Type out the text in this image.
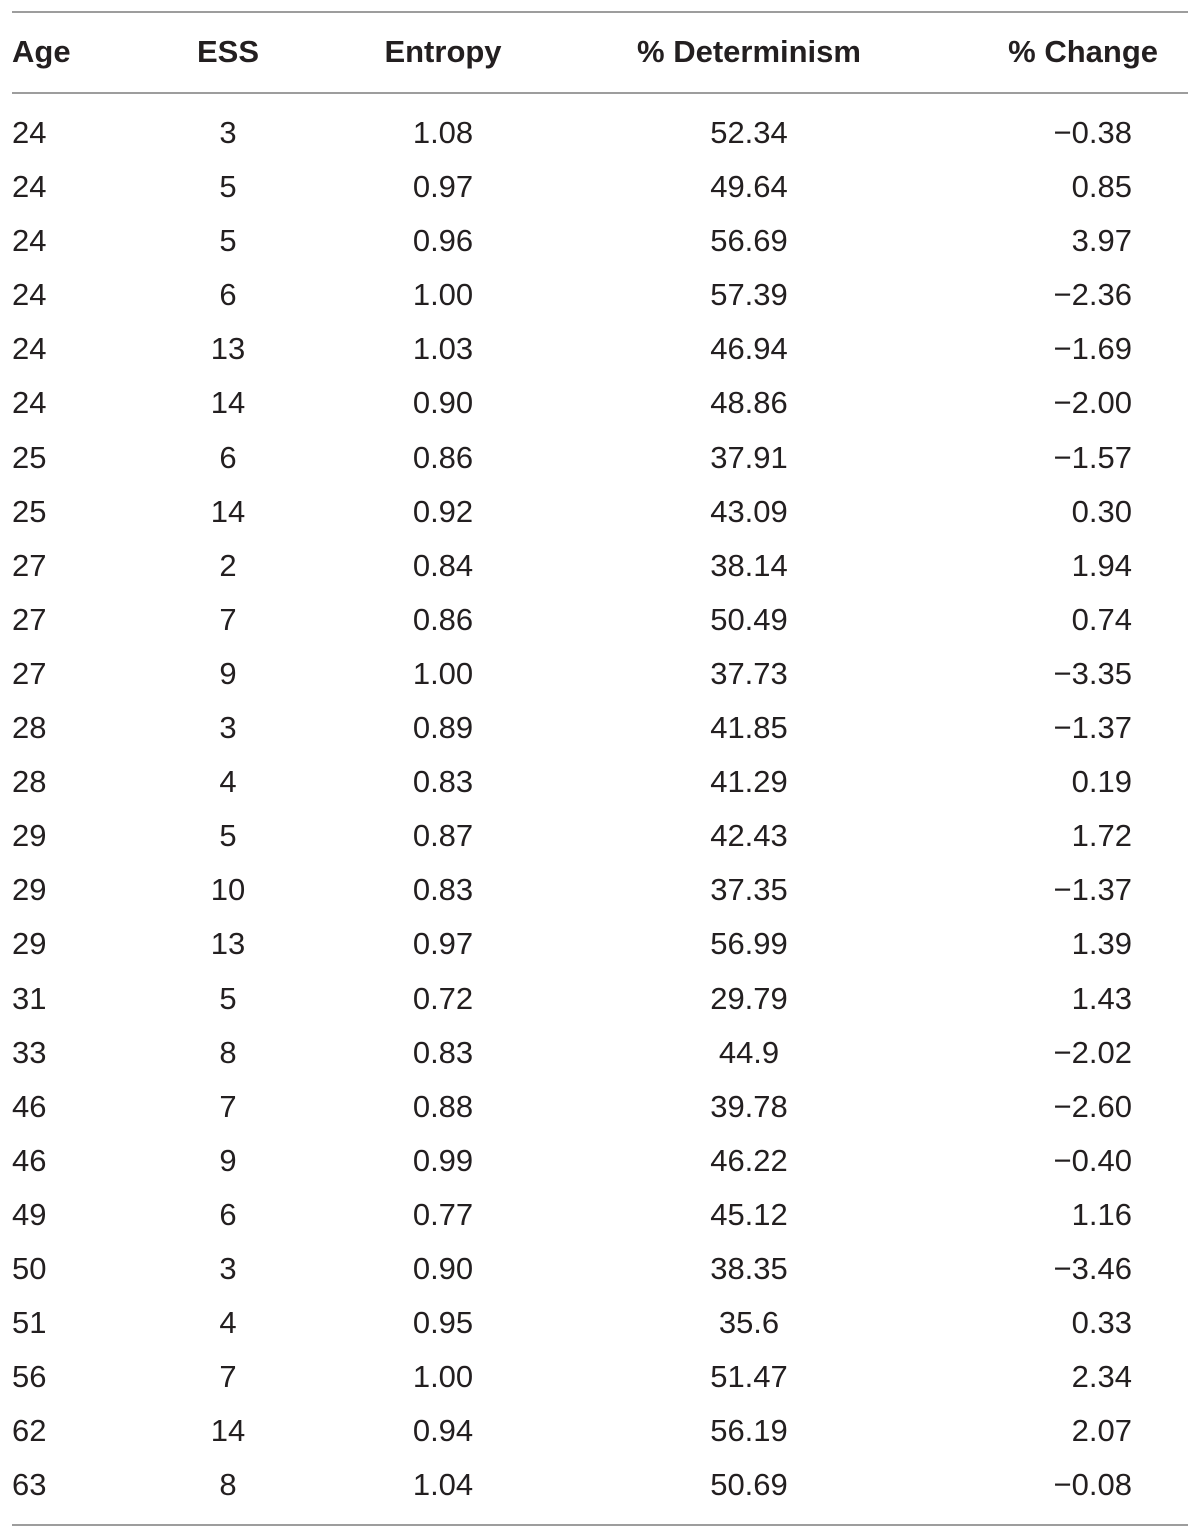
Age	ESS	Entropy	% Determinism	% Change
24	3	1.08	52.34	−0.38
24	5	0.97	49.64	0.85
24	5	0.96	56.69	3.97
24	6	1.00	57.39	−2.36
24	13	1.03	46.94	−1.69
24	14	0.90	48.86	−2.00
25	6	0.86	37.91	−1.57
25	14	0.92	43.09	0.30
27	2	0.84	38.14	1.94
27	7	0.86	50.49	0.74
27	9	1.00	37.73	−3.35
28	3	0.89	41.85	−1.37
28	4	0.83	41.29	0.19
29	5	0.87	42.43	1.72
29	10	0.83	37.35	−1.37
29	13	0.97	56.99	1.39
31	5	0.72	29.79	1.43
33	8	0.83	44.9	−2.02
46	7	0.88	39.78	−2.60
46	9	0.99	46.22	−0.40
49	6	0.77	45.12	1.16
50	3	0.90	38.35	−3.46
51	4	0.95	35.6	0.33
56	7	1.00	51.47	2.34
62	14	0.94	56.19	2.07
63	8	1.04	50.69	−0.08
